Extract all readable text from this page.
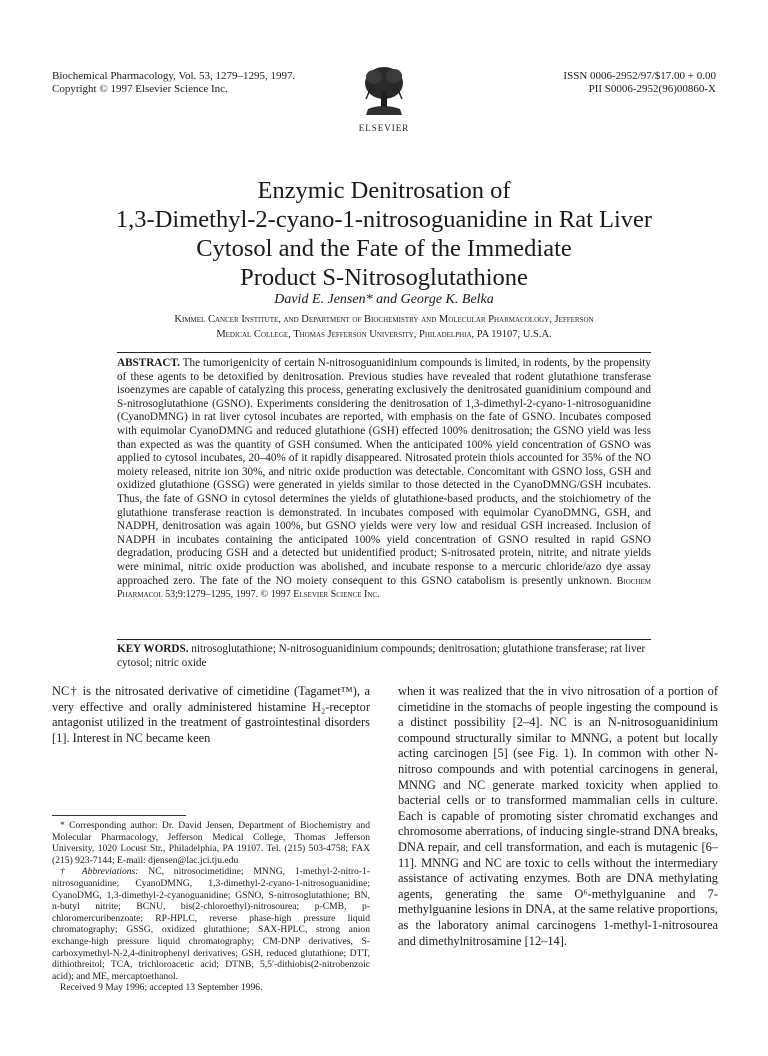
Biochemical Pharmacology, Vol. 53, 1279–1295, 1997.
Copyright © 1997 Elsevier Science Inc.
ELSEVIER
ISSN 0006-2952/97/$17.00 + 0.00
PII S0006-2952(96)00860-X
Enzymic Denitrosation of
1,3-Dimethyl-2-cyano-1-nitrosoguanidine in Rat Liver
Cytosol and the Fate of the Immediate
Product S-Nitrosoglutathione
David E. Jensen* and George K. Belka
Kimmel Cancer Institute, and Department of Biochemistry and Molecular Pharmacology, Jefferson
Medical College, Thomas Jefferson University, Philadelphia, PA 19107, U.S.A.
ABSTRACT. The tumorigenicity of certain N-nitrosoguanidinium compounds is limited, in rodents, by the propensity of these agents to be detoxified by denitrosation. Previous studies have revealed that rodent glutathione transferase isoenzymes are capable of catalyzing this process, generating exclusively the denitrosated guanidinium compound and S-nitrosoglutathione (GSNO). Experiments considering the denitrosation of 1,3-dimethyl-2-cyano-1-nitrosoguanidine (CyanoDMNG) in rat liver cytosol incubates are reported, with emphasis on the fate of GSNO. Incubates composed with equimolar CyanoDMNG and reduced glutathione (GSH) effected 100% denitrosation; the GSNO yield was less than expected as was the quantity of GSH consumed. When the anticipated 100% yield concentration of GSNO was applied to cytosol incubates, 20–40% of it rapidly disappeared. Nitrosated protein thiols accounted for 35% of the NO moiety released, nitrite ion 30%, and nitric oxide production was detectable. Concomitant with GSNO loss, GSH and oxidized glutathione (GSSG) were generated in yields similar to those detected in the CyanoDMNG/GSH incubates. Thus, the fate of GSNO in cytosol determines the yields of glutathione-based products, and the stoichiometry of the glutathione transferase reaction is demonstrated. In incubates composed with equimolar CyanoDMNG, GSH, and NADPH, denitrosation was again 100%, but GSNO yields were very low and residual GSH increased. Inclusion of NADPH in incubates containing the anticipated 100% yield concentration of GSNO resulted in rapid GSNO degradation, producing GSH and a detected but unidentified product; S-nitrosated protein, nitrite, and nitrate yields were minimal, nitric oxide production was abolished, and incubate response to a mercuric chloride/azo dye assay approached zero. The fate of the NO moiety consequent to this GSNO catabolism is presently unknown. Biochem Pharmacol 53;9:1279–1295, 1997. © 1997 Elsevier Science Inc.
KEY WORDS. nitrosoglutathione; N-nitrosoguanidinium compounds; denitrosation; glutathione transferase; rat liver cytosol; nitric oxide

NC† is the nitrosated derivative of cimetidine (Tagamet™), a very effective and orally administered histamine H₂-receptor antagonist utilized in the treatment of gastrointestinal disorders [1]. Interest in NC became keen

* Corresponding author: Dr. David Jensen, Department of Biochemistry and Molecular Pharmacology, Jefferson Medical College, Thomas Jefferson University, 1020 Locust Str., Philadelphia, PA 19107. Tel. (215) 503-4758; FAX (215) 923-7144; E-mail: djensen@lac.jci.tju.edu

† Abbreviations: NC, nitrosocimetidine; MNNG, 1-methyl-2-nitro-1-nitrosoguanidine; CyanoDMNG, 1,3-dimethyl-2-cyano-1-nitrosoguanidine; CyanoDMG, 1,3-dimethyl-2-cyanoguanidine; GSNO, S-nitrosoglutathione; BN, n-butyl nitrite; BCNU, bis(2-chloroethyl)-nitrosourea; p-CMB, p-chloromercuribenzoate; RP-HPLC, reverse phase-high pressure liquid chromatography; GSSG, oxidized glutathione; SAX-HPLC, strong anion exchange-high pressure liquid chromatography; CM-DNP derivatives, S-carboxymethyl-N-2,4-dinitrophenyl derivatives; GSH, reduced glutathione; DTT, dithiothreitol; TCA, trichloroacetic acid; DTNB, 5,5′-dithiobis(2-nitrobenzoic acid); and ME, mercaptoethanol.

Received 9 May 1996; accepted 13 September 1996.

when it was realized that the in vivo nitrosation of a portion of cimetidine in the stomachs of people ingesting the compound is a distinct possibility [2–4]. NC is an N-nitrosoguanidinium compound structurally similar to MNNG, a potent but locally acting carcinogen [5] (see Fig. 1). In common with other N-nitroso compounds and with potential carcinogens in general, MNNG and NC generate marked toxicity when applied to bacterial cells or to transformed mammalian cells in culture. Each is capable of promoting sister chromatid exchanges and chromosome aberrations, of inducing single-strand DNA breaks, DNA repair, and cell transformation, and each is mutagenic [6–11]. MNNG and NC are toxic to cells without the intermediary assistance of activating enzymes. Both are DNA methylating agents, generating the same O⁶-methylguanine and 7-methylguanine lesions in DNA, at the same relative proportions, as the laboratory animal carcinogens 1-methyl-1-nitrosourea and dimethylnitrosamine [12–14].
